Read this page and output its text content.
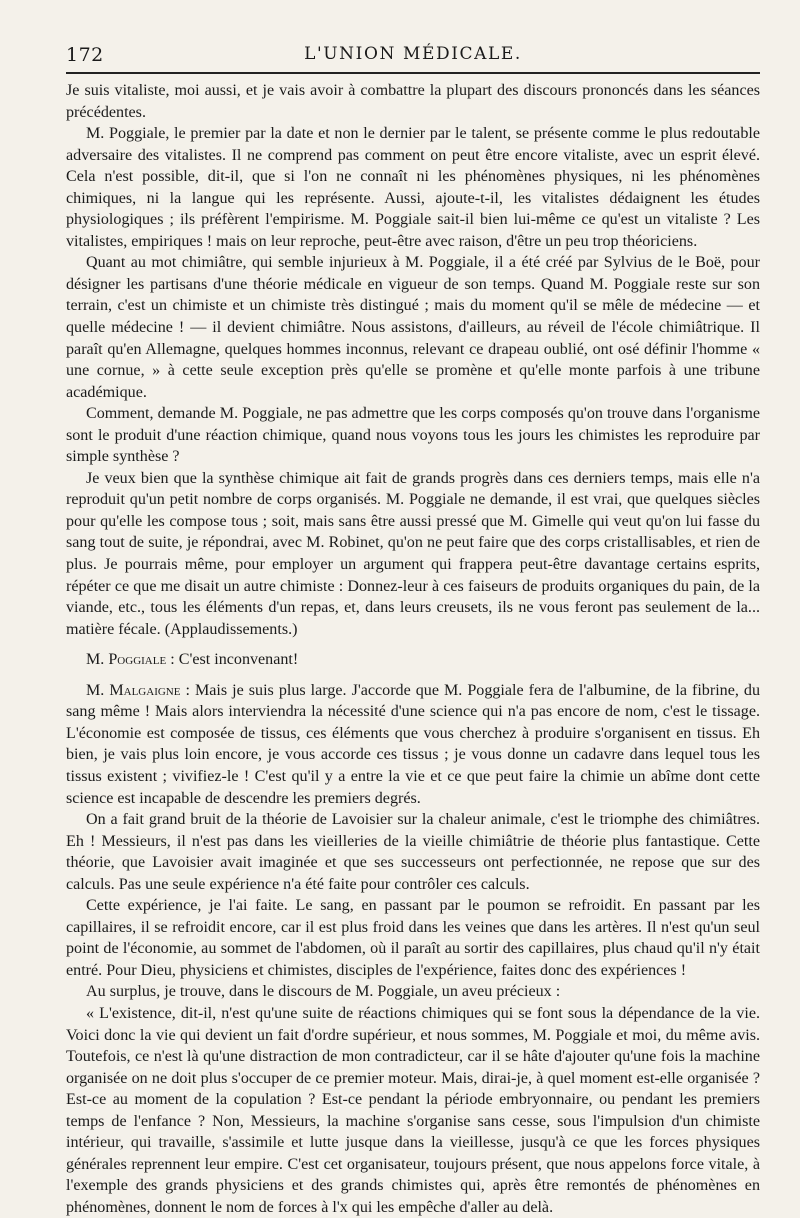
172	L'UNION MÉDICALE.

Je suis vitaliste, moi aussi, et je vais avoir à combattre la plupart des discours prononcés dans les séances précédentes.

M. Poggiale, le premier par la date et non le dernier par le talent, se présente comme le plus redoutable adversaire des vitalistes. Il ne comprend pas comment on peut être encore vitaliste, avec un esprit élevé. Cela n'est possible, dit-il, que si l'on ne connaît ni les phénomènes physiques, ni les phénomènes chimiques, ni la langue qui les représente. Aussi, ajoute-t-il, les vitalistes dédaignent les études physiologiques ; ils préfèrent l'empirisme. M. Poggiale sait-il bien lui-même ce qu'est un vitaliste ? Les vitalistes, empiriques ! mais on leur reproche, peut-être avec raison, d'être un peu trop théoriciens.

Quant au mot chimiâtre, qui semble injurieux à M. Poggiale, il a été créé par Sylvius de le Boë, pour désigner les partisans d'une théorie médicale en vigueur de son temps. Quand M. Poggiale reste sur son terrain, c'est un chimiste et un chimiste très distingué ; mais du moment qu'il se mêle de médecine — et quelle médecine ! — il devient chimiâtre. Nous assistons, d'ailleurs, au réveil de l'école chimiâtrique. Il paraît qu'en Allemagne, quelques hommes inconnus, relevant ce drapeau oublié, ont osé définir l'homme « une cornue, » à cette seule exception près qu'elle se promène et qu'elle monte parfois à une tribune académique.

Comment, demande M. Poggiale, ne pas admettre que les corps composés qu'on trouve dans l'organisme sont le produit d'une réaction chimique, quand nous voyons tous les jours les chimistes les reproduire par simple synthèse ?

Je veux bien que la synthèse chimique ait fait de grands progrès dans ces derniers temps, mais elle n'a reproduit qu'un petit nombre de corps organisés. M. Poggiale ne demande, il est vrai, que quelques siècles pour qu'elle les compose tous ; soit, mais sans être aussi pressé que M. Gimelle qui veut qu'on lui fasse du sang tout de suite, je répondrai, avec M. Robinet, qu'on ne peut faire que des corps cristallisables, et rien de plus. Je pourrais même, pour employer un argument qui frappera peut-être davantage certains esprits, répéter ce que me disait un autre chimiste : Donnez-leur à ces faiseurs de produits organiques du pain, de la viande, etc., tous les éléments d'un repas, et, dans leurs creusets, ils ne vous feront pas seulement de la... matière fécale. (Applaudissements.)

M. Poggiale : C'est inconvenant!

M. Malgaigne : Mais je suis plus large. J'accorde que M. Poggiale fera de l'albumine, de la fibrine, du sang même ! Mais alors interviendra la nécessité d'une science qui n'a pas encore de nom, c'est le tissage. L'économie est composée de tissus, ces éléments que vous cherchez à produire s'organisent en tissus. Eh bien, je vais plus loin encore, je vous accorde ces tissus ; je vous donne un cadavre dans lequel tous les tissus existent ; vivifiez-le ! C'est qu'il y a entre la vie et ce que peut faire la chimie un abîme dont cette science est incapable de descendre les premiers degrés.

On a fait grand bruit de la théorie de Lavoisier sur la chaleur animale, c'est le triomphe des chimiâtres. Eh ! Messieurs, il n'est pas dans les vieilleries de la vieille chimiâtrie de théorie plus fantastique. Cette théorie, que Lavoisier avait imaginée et que ses successeurs ont perfectionnée, ne repose que sur des calculs. Pas une seule expérience n'a été faite pour contrôler ces calculs.

Cette expérience, je l'ai faite. Le sang, en passant par le poumon se refroidit. En passant par les capillaires, il se refroidit encore, car il est plus froid dans les veines que dans les artères. Il n'est qu'un seul point de l'économie, au sommet de l'abdomen, où il paraît au sortir des capillaires, plus chaud qu'il n'y était entré. Pour Dieu, physiciens et chimistes, disciples de l'expérience, faites donc des expériences !

Au surplus, je trouve, dans le discours de M. Poggiale, un aveu précieux :

« L'existence, dit-il, n'est qu'une suite de réactions chimiques qui se font sous la dépendance de la vie. Voici donc la vie qui devient un fait d'ordre supérieur, et nous sommes, M. Poggiale et moi, du même avis. Toutefois, ce n'est là qu'une distraction de mon contradicteur, car il se hâte d'ajouter qu'une fois la machine organisée on ne doit plus s'occuper de ce premier moteur. Mais, dirai-je, à quel moment est-elle organisée ? Est-ce au moment de la copulation ? Est-ce pendant la période embryonnaire, ou pendant les premiers temps de l'enfance ? Non, Messieurs, la machine s'organise sans cesse, sous l'impulsion d'un chimiste intérieur, qui travaille, s'assimile et lutte jusque dans la vieillesse, jusqu'à ce que les forces physiques générales reprennent leur empire. C'est cet organisateur, toujours présent, que nous appelons force vitale, à l'exemple des grands physiciens et des grands chimistes qui, après être remontés de phénomènes en phénomènes, donnent le nom de forces à l'x qui les empêche d'aller au delà.
